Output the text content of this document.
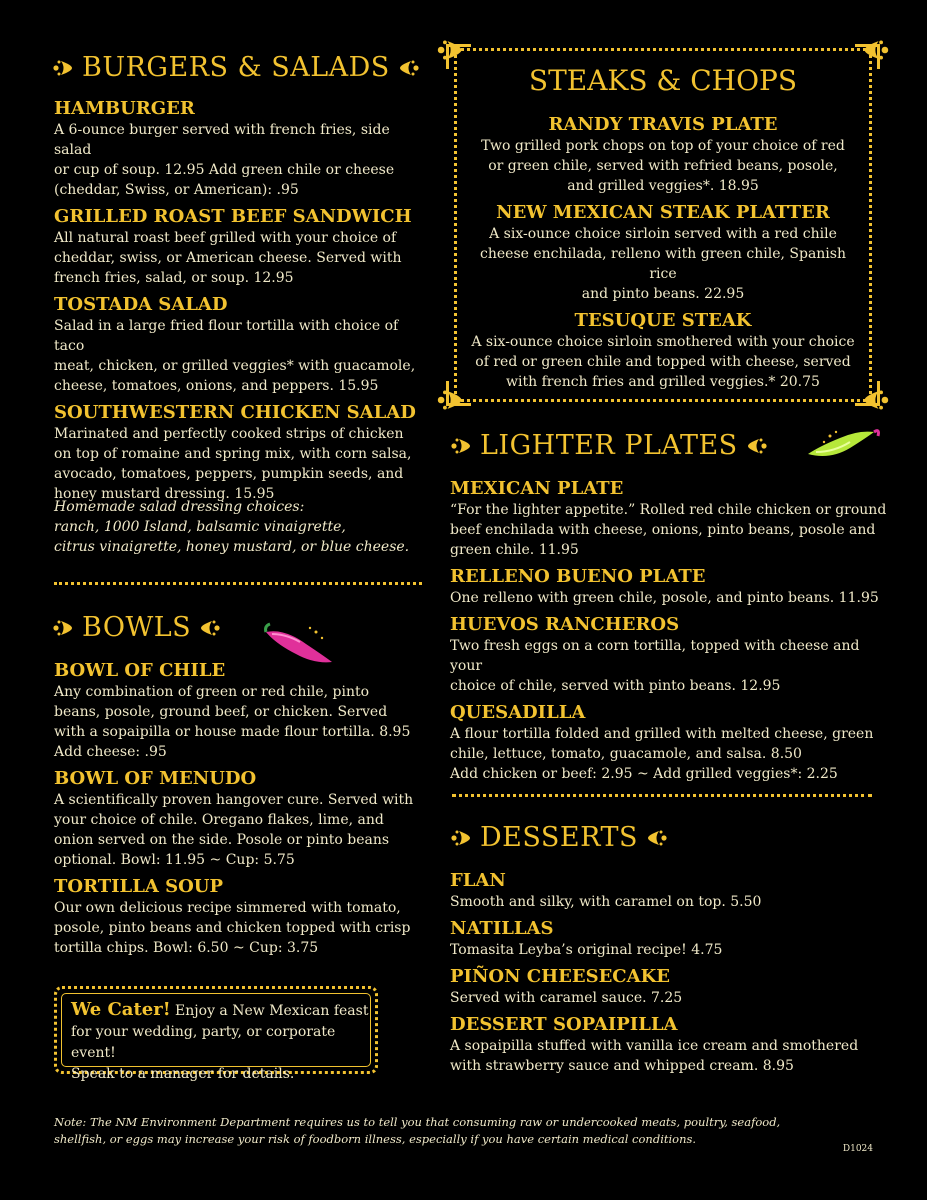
BURGERS & SALADS

HAMBURGER

A 6-ounce burger served with french fries, side salad
or cup of soup. 12.95 Add green chile or cheese
(cheddar, Swiss, or American): .95

GRILLED ROAST BEEF SANDWICH

All natural roast beef grilled with your choice of
cheddar, swiss, or American cheese. Served with
french fries, salad, or soup. 12.95

TOSTADA SALAD

Salad in a large fried flour tortilla with choice of taco
meat, chicken, or grilled veggies* with guacamole,
cheese, tomatoes, onions, and peppers. 15.95

SOUTHWESTERN CHICKEN SALAD

Marinated and perfectly cooked strips of chicken
on top of romaine and spring mix, with corn salsa,
avocado, tomatoes, peppers, pumpkin seeds, and
honey mustard dressing. 15.95

Homemade salad dressing choices:
ranch, 1000 Island, balsamic vinaigrette,
citrus vinaigrette, honey mustard, or blue cheese.
BOWLS

BOWL OF CHILE

Any combination of green or red chile, pinto
beans, posole, ground beef, or chicken. Served
with a sopaipilla or house made flour tortilla. 8.95
Add cheese: .95

BOWL OF MENUDO

A scientifically proven hangover cure. Served with
your choice of chile. Oregano flakes, lime, and
onion served on the side. Posole or pinto beans
optional. Bowl: 11.95 ~ Cup: 5.75

TORTILLA SOUP

Our own delicious recipe simmered with tomato,
posole, pinto beans and chicken topped with crisp
tortilla chips. Bowl: 6.50 ~ Cup: 3.75

We Cater! Enjoy a New Mexican feast
for your wedding, party, or corporate event!
Speak to a manager for details.
STEAKS & CHOPS

RANDY TRAVIS PLATE

Two grilled pork chops on top of your choice of red
or green chile, served with refried beans, posole,
and grilled veggies*. 18.95

NEW MEXICAN STEAK PLATTER

A six-ounce choice sirloin served with a red chile
cheese enchilada, relleno with green chile, Spanish rice
and pinto beans. 22.95

TESUQUE STEAK

A six-ounce choice sirloin smothered with your choice
of red or green chile and topped with cheese, served
with french fries and grilled veggies.* 20.75

LIGHTER PLATES

MEXICAN PLATE

“For the lighter appetite.” Rolled red chile chicken or ground
beef enchilada with cheese, onions, pinto beans, posole and
green chile. 11.95

RELLENO BUENO PLATE

One relleno with green chile, posole, and pinto beans. 11.95

HUEVOS RANCHEROS

Two fresh eggs on a corn tortilla, topped with cheese and your
choice of chile, served with pinto beans. 12.95

QUESADILLA

A flour tortilla folded and grilled with melted cheese, green
chile, lettuce, tomato, guacamole, and salsa. 8.50
Add chicken or beef: 2.95 ~ Add grilled veggies*: 2.25

DESSERTS

FLAN

Smooth and silky, with caramel on top. 5.50

NATILLAS

Tomasita Leyba’s original recipe! 4.75

PIÑON CHEESECAKE

Served with caramel sauce. 7.25

DESSERT SOPAIPILLA

A sopaipilla stuffed with vanilla ice cream and smothered
with strawberry sauce and whipped cream. 8.95

Note: The NM Environment Department requires us to tell you that consuming raw or undercooked meats, poultry, seafood,
shellfish, or eggs may increase your risk of foodborn illness, especially if you have certain medical conditions.
D1024
